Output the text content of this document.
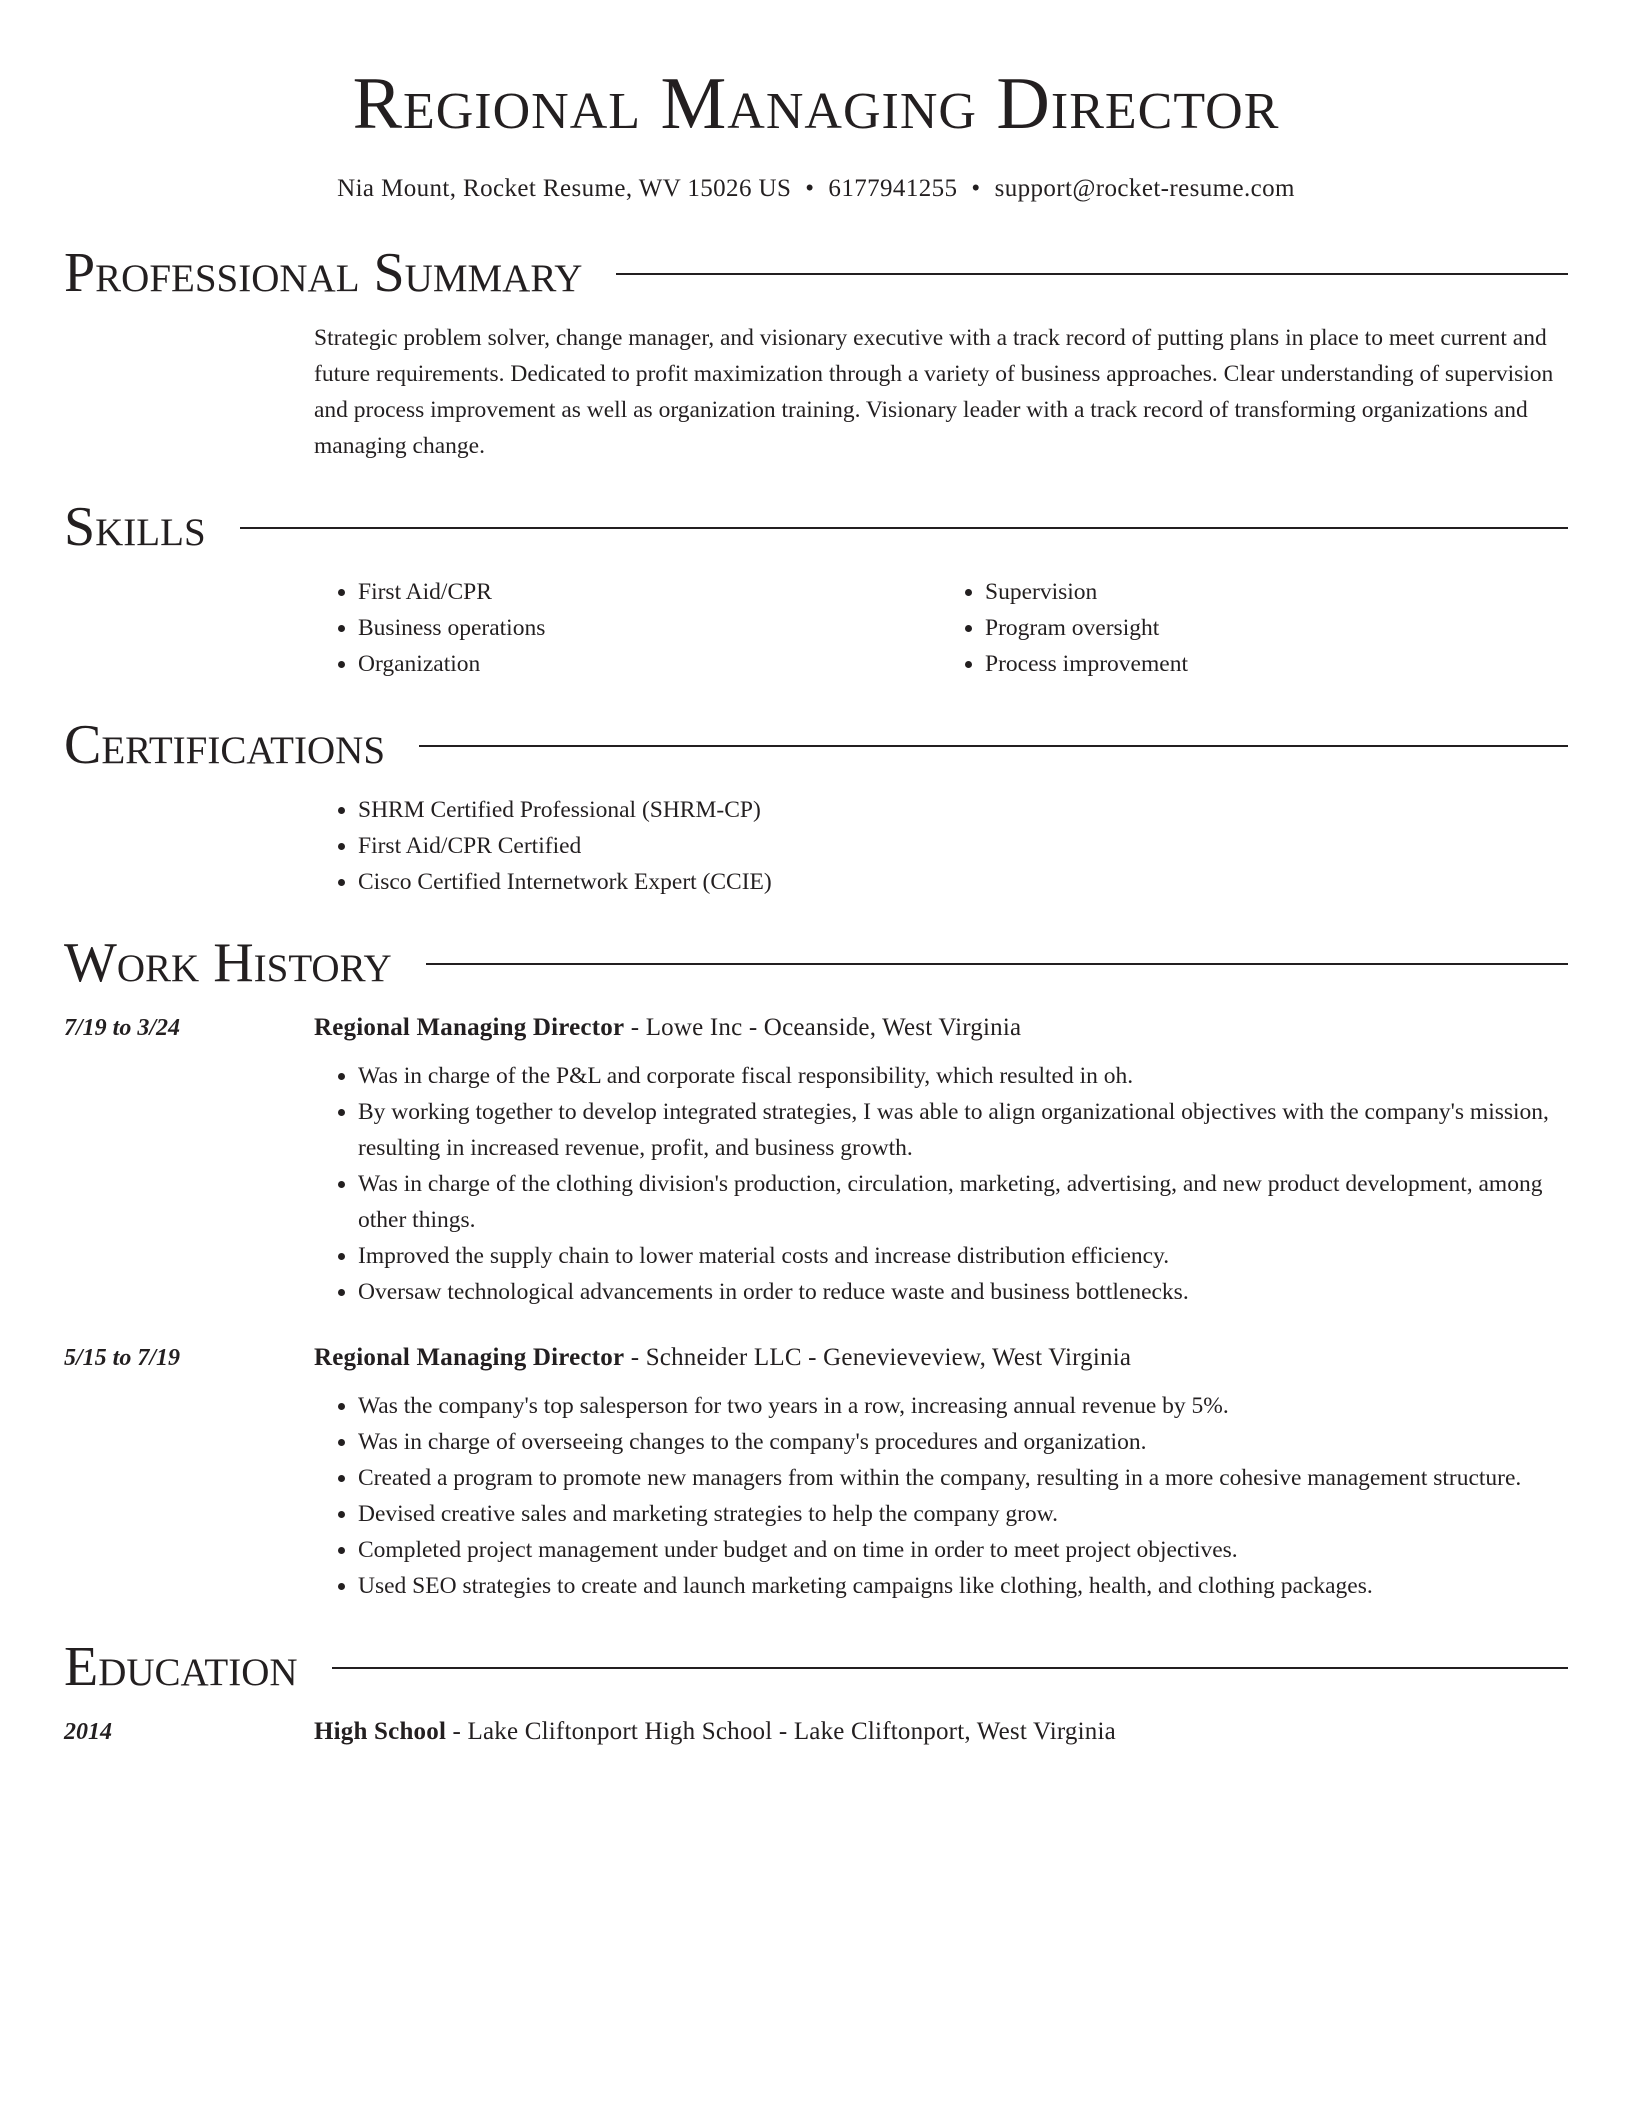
Regional Managing Director
Nia Mount, Rocket Resume, WV 15026 US • 6177941255 • support@rocket-resume.com
Professional Summary

Strategic problem solver, change manager, and visionary executive with a track record of putting plans in place to meet current and future requirements. Dedicated to profit maximization through a variety of business approaches. Clear understanding of supervision and process improvement as well as organization training. Visionary leader with a track record of transforming organizations and managing change.

Skills
• First Aid/CPR
• Business operations
• Organization
• Supervision
• Program oversight
• Process improvement
Certifications
• SHRM Certified Professional (SHRM-CP)
• First Aid/CPR Certified
• Cisco Certified Internetwork Expert (CCIE)
Work History
7/19 to 3/24	Regional Managing Director - Lowe Inc - Oceanside, West Virginia
• Was in charge of the P&L and corporate fiscal responsibility, which resulted in oh.
• By working together to develop integrated strategies, I was able to align organizational objectives with the company's mission, resulting in increased revenue, profit, and business growth.
• Was in charge of the clothing division's production, circulation, marketing, advertising, and new product development, among other things.
• Improved the supply chain to lower material costs and increase distribution efficiency.
• Oversaw technological advancements in order to reduce waste and business bottlenecks.
5/15 to 7/19	Regional Managing Director - Schneider LLC - Genevieveview, West Virginia
• Was the company's top salesperson for two years in a row, increasing annual revenue by 5%.
• Was in charge of overseeing changes to the company's procedures and organization.
• Created a program to promote new managers from within the company, resulting in a more cohesive management structure.
• Devised creative sales and marketing strategies to help the company grow.
• Completed project management under budget and on time in order to meet project objectives.
• Used SEO strategies to create and launch marketing campaigns like clothing, health, and clothing packages.
Education
2014	High School - Lake Cliftonport High School - Lake Cliftonport, West Virginia
